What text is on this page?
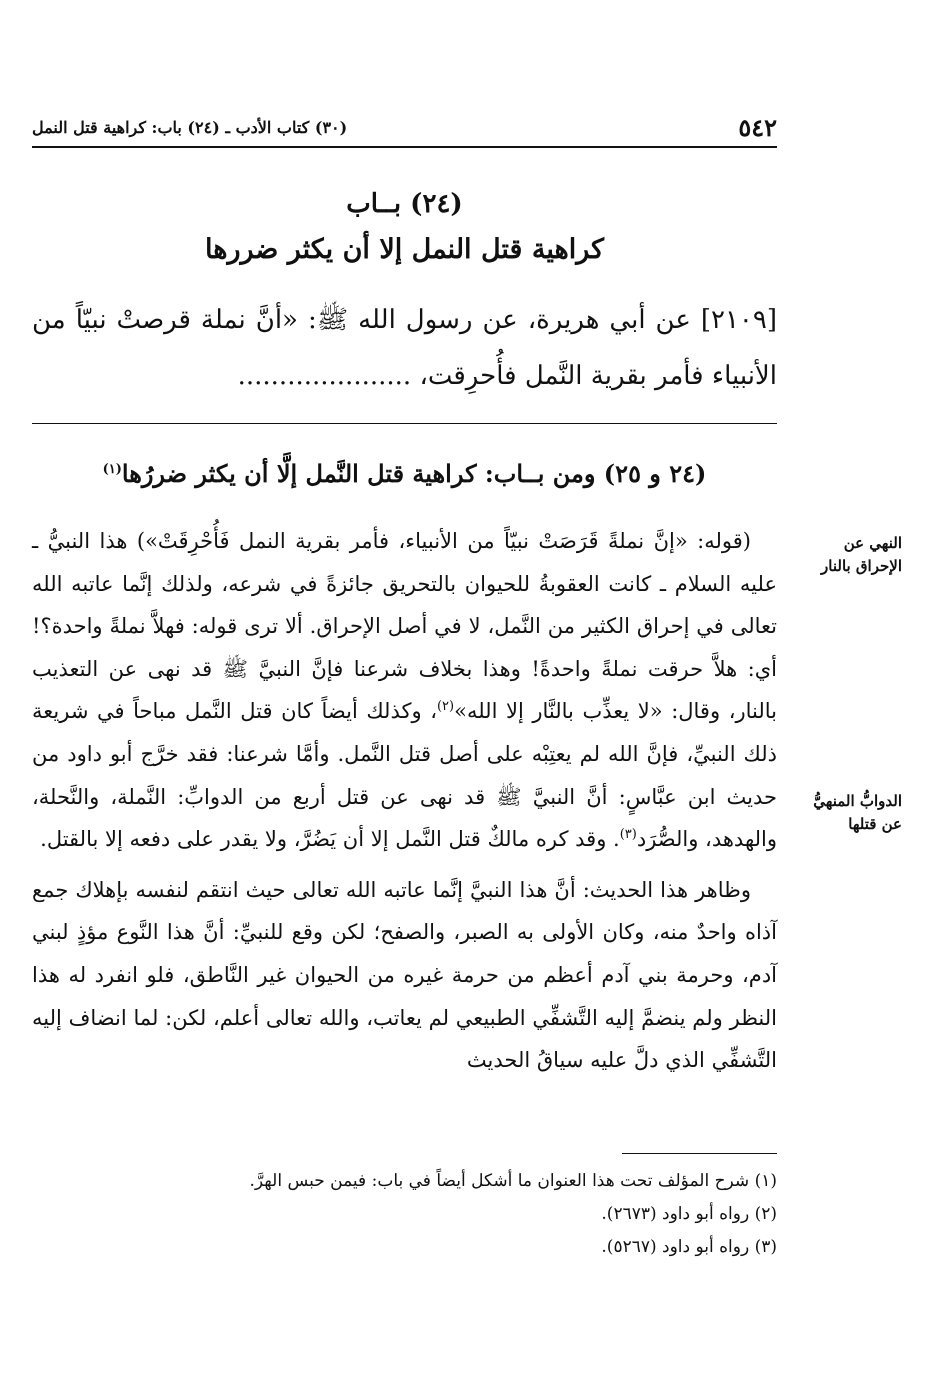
٥٤٢
(٣٠) كتاب الأدب ـ (٢٤) باب: كراهية قتل النمل
(٢٤) بــاب
كراهية قتل النمل إلا أن يكثر ضررها
[٢١٠٩] عن أبي هريرة، عن رسول الله ﷺ: «أنَّ نملة قرصتْ نبيّاً من الأنبياء فأمر بقرية النَّمل فأُحرِقت، .....................
(٢٤ و ٢٥) ومن بــاب: كراهية قتل النَّمل إلَّا أن يكثر ضررُها$^{(١)}$
النهي عن
الإحراق بالنار
الدوابُّ المنهيُّ
عن قتلها

(قوله: «إنَّ نملةً قَرَصَتْ نبيّاً من الأنبياء، فأمر بقرية النمل فَأُحْرِقَتْ») هذا النبيُّ ـ عليه السلام ـ كانت العقوبةُ للحيوان بالتحريق جائزةً في شرعه، ولذلك إنَّما عاتبه الله تعالى في إحراق الكثير من النَّمل، لا في أصل الإحراق. ألا ترى قوله: فهلاَّ نملةً واحدة؟! أي: هلاَّ حرقت نملةً واحدةً! وهذا بخلاف شرعنا فإنَّ النبيَّ ﷺ قد نهى عن التعذيب بالنار، وقال: «لا يعذِّب بالنَّار إلا الله»$^{(٢)}$، وكذلك أيضاً كان قتل النَّمل مباحاً في شريعة ذلك النبيِّ، فإنَّ الله لم يعتِبْه على أصل قتل النَّمل. وأمَّا شرعنا: فقد خرَّج أبو داود من حديث ابن عبَّاسٍ: أنَّ النبيَّ ﷺ قد نهى عن قتل أربع من الدوابِّ: النَّملة، والنَّحلة، والهدهد، والصُّرَد$^{(٣)}$. وقد كره مالكٌ قتل النَّمل إلا أن يَضُرَّ، ولا يقدر على دفعه إلا بالقتل.

وظاهر هذا الحديث: أنَّ هذا النبيَّ إنَّما عاتبه الله تعالى حيث انتقم لنفسه بإهلاك جمع آذاه واحدٌ منه، وكان الأولى به الصبر، والصفح؛ لكن وقع للنبيِّ: أنَّ هذا النَّوع مؤذٍ لبني آدم، وحرمة بني آدم أعظم من حرمة غيره من الحيوان غير النَّاطق، فلو انفرد له هذا النظر ولم ينضمَّ إليه التَّشفِّي الطبيعي لم يعاتب، والله تعالى أعلم، لكن: لما انضاف إليه التَّشفِّي الذي دلَّ عليه سياقُ الحديث

(١) شرح المؤلف تحت هذا العنوان ما أشكل أيضاً في باب: فيمن حبس الهرَّ.
(٢) رواه أبو داود (٢٦٧٣).
(٣) رواه أبو داود (٥٢٦٧).
